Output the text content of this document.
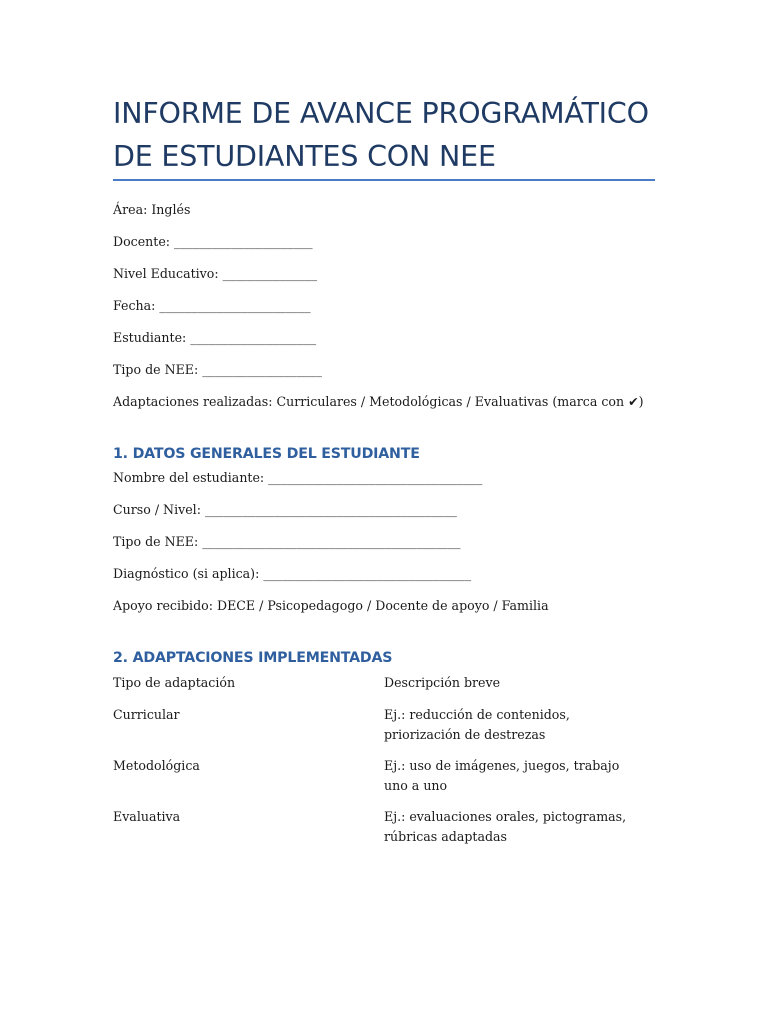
INFORME DE AVANCE PROGRAMÁTICO DE ESTUDIANTES CON NEE

Área: Inglés

Docente: ______________________

Nivel Educativo: _______________

Fecha: ________________________

Estudiante: ____________________

Tipo de NEE: ___________________

Adaptaciones realizadas: Curriculares / Metodológicas / Evaluativas (marca con ✔)

1. DATOS GENERALES DEL ESTUDIANTE

Nombre del estudiante: __________________________________

Curso / Nivel: ________________________________________

Tipo de NEE: _________________________________________

Diagnóstico (si aplica): _________________________________

Apoyo recibido: DECE / Psicopedagogo / Docente de apoyo / Familia

2. ADAPTACIONES IMPLEMENTADAS

Tipo de adaptación	Descripción breve

Curricular	Ej.: reducción de contenidos, priorización de destrezas

Metodológica	Ej.: uso de imágenes, juegos, trabajo uno a uno

Evaluativa	Ej.: evaluaciones orales, pictogramas, rúbricas adaptadas
